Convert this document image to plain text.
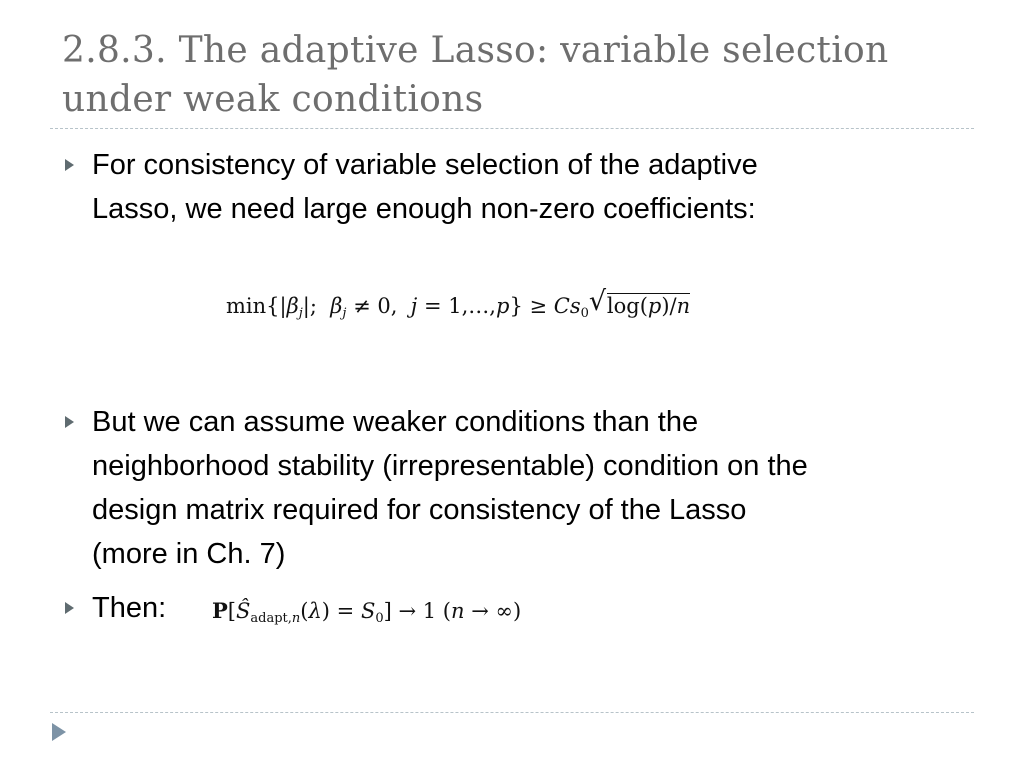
2.8.3. The adaptive Lasso: variable selection
under weak conditions
For consistency of variable selection of the adaptive
Lasso, we need large enough non-zero coefficients:
$\min\{|\beta_j|$;  $\beta_j \ne 0$,  j = 1,…,p} ≥ $Cs_0√$ log(p)/n
But we can assume weaker conditions than the
neighborhood stability (irrepresentable) condition on the
design matrix required for consistency of the Lasso
(more in Ch. 7)
Then:	$P[Ŝ_{adapt,n}(\lambda) = S_0] \to 1$ (n → ∞)
